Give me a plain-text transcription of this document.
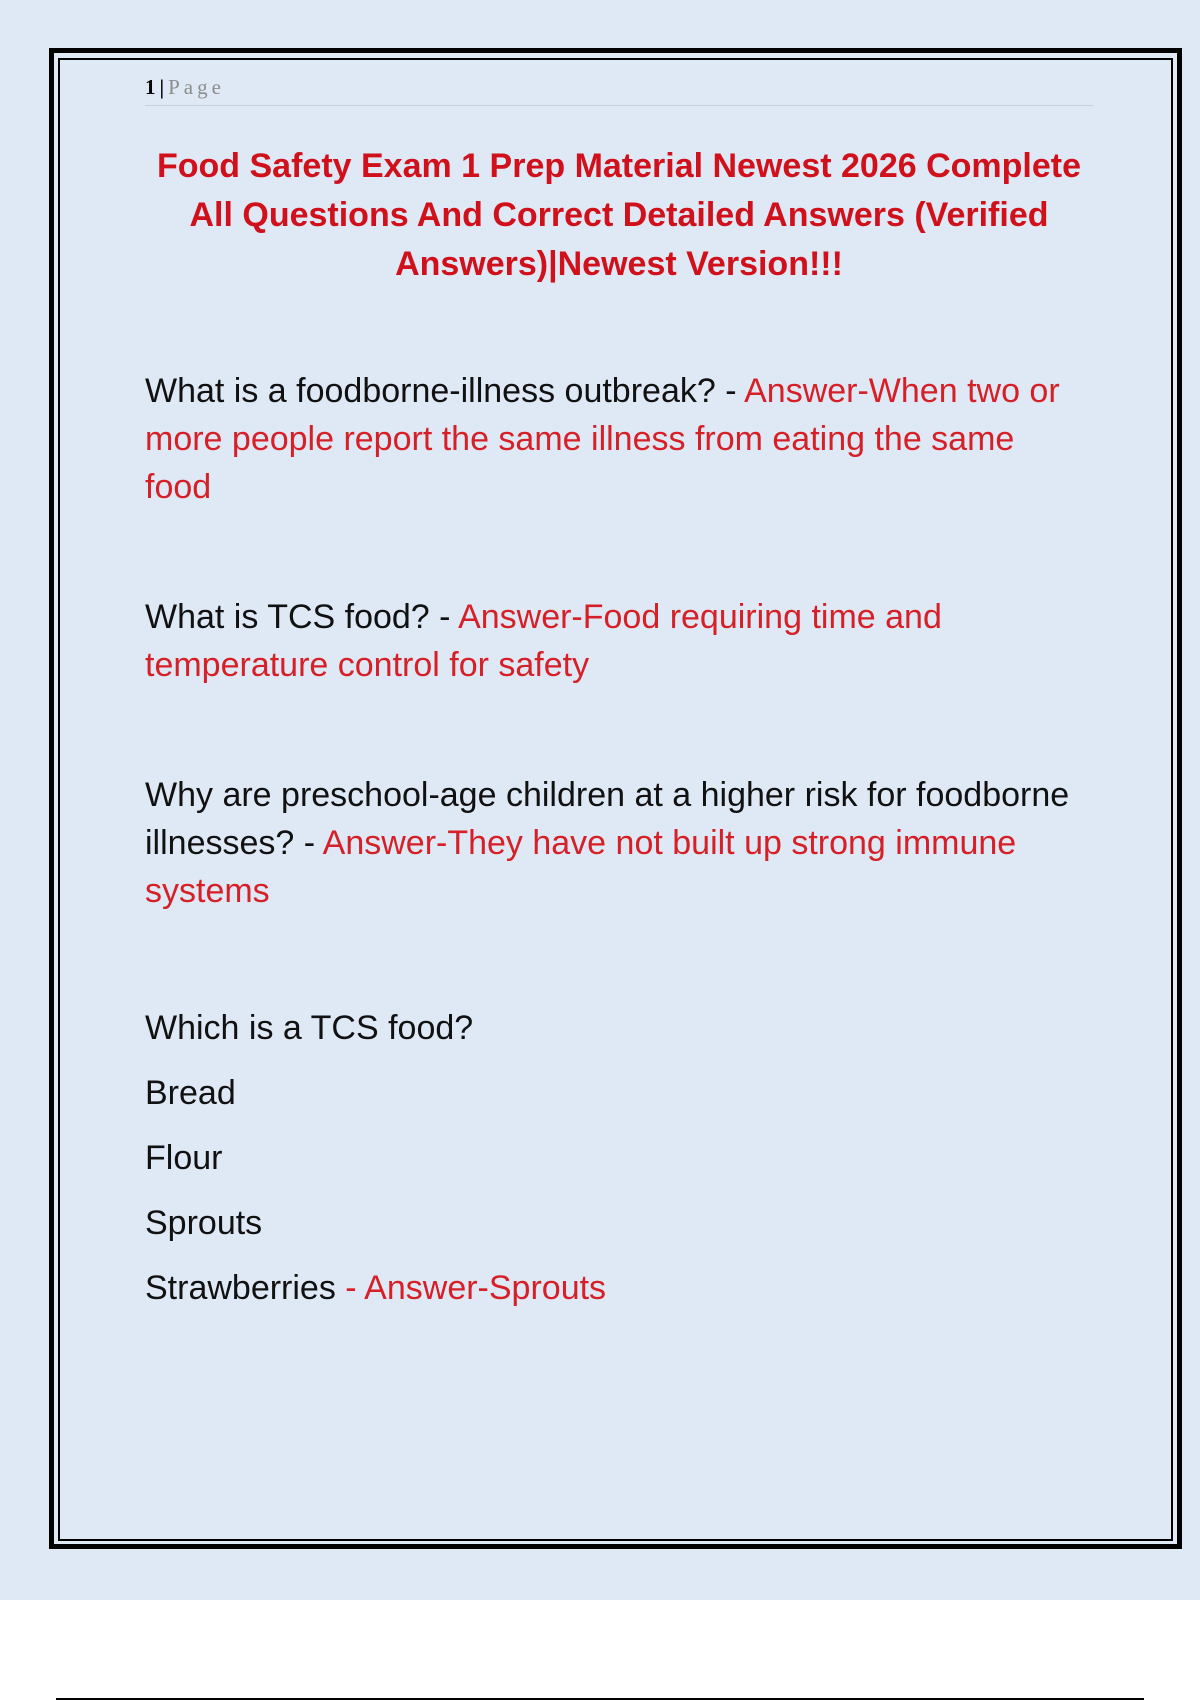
1 | Page
Food Safety Exam 1 Prep Material Newest 2026 Complete All Questions And Correct Detailed Answers (Verified Answers)|Newest Version!!!

What is a foodborne-illness outbreak? - Answer-When two or more people report the same illness from eating the same food

What is TCS food? - Answer-Food requiring time and temperature control for safety

Why are preschool-age children at a higher risk for foodborne illnesses? - Answer-They have not built up strong immune systems

Which is a TCS food?
Bread
Flour
Sprouts
Strawberries - Answer-Sprouts
